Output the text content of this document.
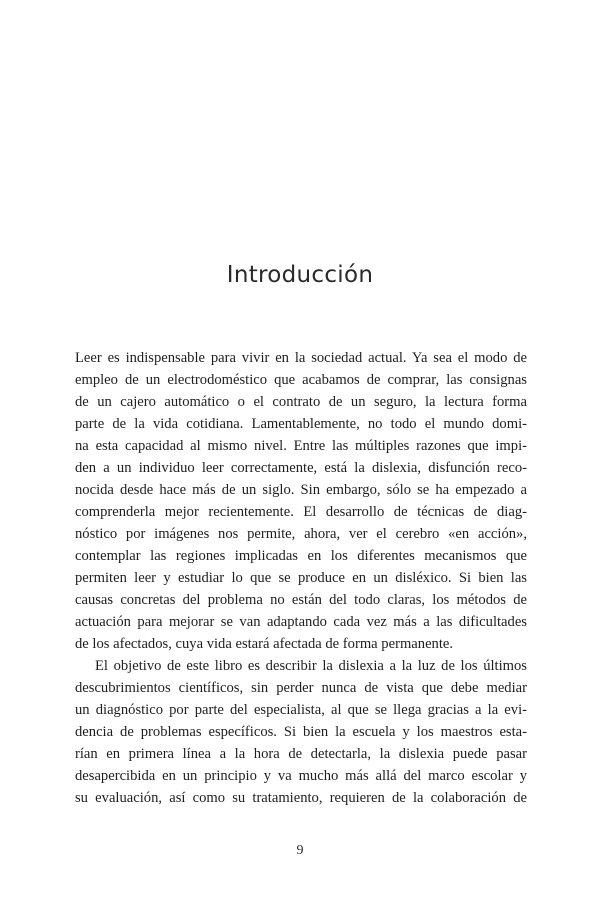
Introducción
Leer es indispensable para vivir en la sociedad actual. Ya sea el modo de
empleo de un electrodoméstico que acabamos de comprar, las consignas
de un cajero automático o el contrato de un seguro, la lectura forma
parte de la vida cotidiana. Lamentablemente, no todo el mundo domi-
na esta capacidad al mismo nivel. Entre las múltiples razones que impi-
den a un individuo leer correctamente, está la dislexia, disfunción reco-
nocida desde hace más de un siglo. Sin embargo, sólo se ha empezado a
comprenderla mejor recientemente. El desarrollo de técnicas de diag-
nóstico por imágenes nos permite, ahora, ver el cerebro «en acción»,
contemplar las regiones implicadas en los diferentes mecanismos que
permiten leer y estudiar lo que se produce en un disléxico. Si bien las
causas concretas del problema no están del todo claras, los métodos de
actuación para mejorar se van adaptando cada vez más a las dificultades
de los afectados, cuya vida estará afectada de forma permanente.
El objetivo de este libro es describir la dislexia a la luz de los últimos
descubrimientos científicos, sin perder nunca de vista que debe mediar
un diagnóstico por parte del especialista, al que se llega gracias a la evi-
dencia de problemas específicos. Si bien la escuela y los maestros esta-
rían en primera línea a la hora de detectarla, la dislexia puede pasar
desapercibida en un principio y va mucho más allá del marco escolar y
su evaluación, así como su tratamiento, requieren de la colaboración de
9
